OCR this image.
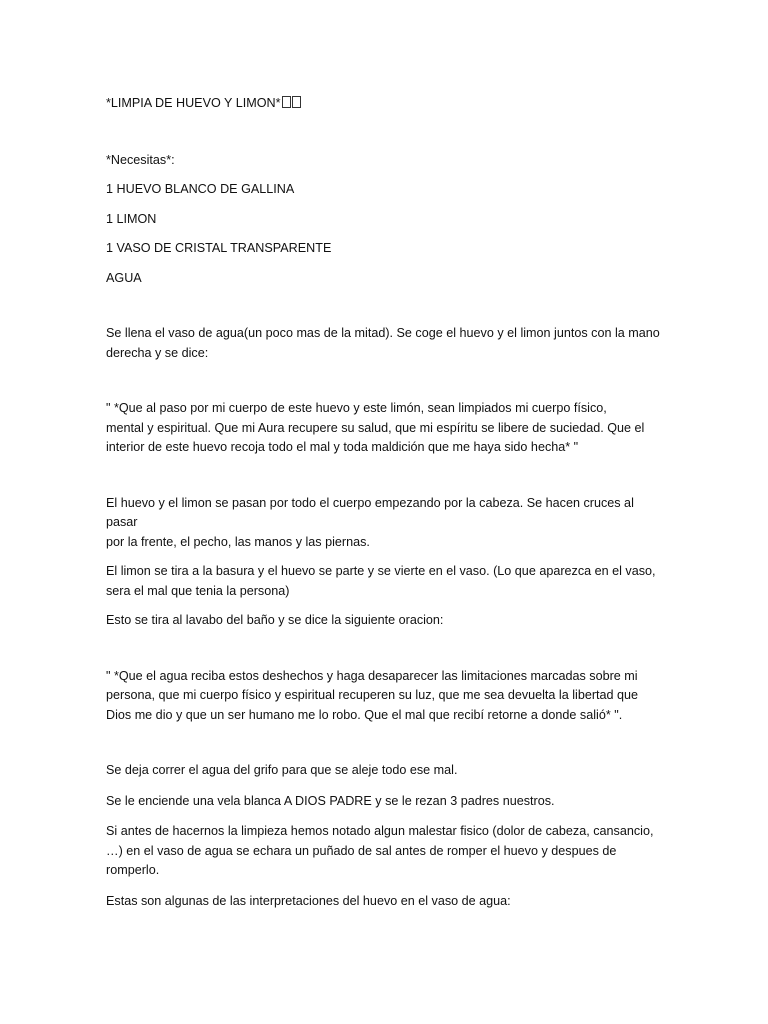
*LIMPIA DE HUEVO Y LIMON*

*Necesitas*:

1 HUEVO BLANCO DE GALLINA

1 LIMON

1 VASO DE CRISTAL TRANSPARENTE

AGUA

Se llena el vaso de agua(un poco mas de la mitad). Se coge el huevo y el limon juntos con la mano
derecha y se dice:

" *Que al paso por mi cuerpo de este huevo y este limón, sean limpiados mi cuerpo físico,
mental y espiritual. Que mi Aura recupere su salud, que mi espíritu se libere de suciedad. Que el
interior de este huevo recoja todo el mal y toda maldición que me haya sido hecha* "

El huevo y el limon se pasan por todo el cuerpo empezando por la cabeza. Se hacen cruces al pasar
por la frente, el pecho, las manos y las piernas.

El limon se tira a la basura y el huevo se parte y se vierte en el vaso. (Lo que aparezca en el vaso,
sera el mal que tenia la persona)

Esto se tira al lavabo del baño y se dice la siguiente oracion:

" *Que el agua reciba estos deshechos y haga desaparecer las limitaciones marcadas sobre mi
persona, que mi cuerpo físico y espiritual recuperen su luz, que me sea devuelta la libertad que
Dios me dio y que un ser humano me lo robo. Que el mal que recibí retorne a donde salió* ".

Se deja correr el agua del grifo para que se aleje todo ese mal.

Se le enciende una vela blanca A DIOS PADRE y se le rezan 3 padres nuestros.

Si antes de hacernos la limpieza hemos notado algun malestar fisico (dolor de cabeza, cansancio,
…) en el vaso de agua se echara un puñado de sal antes de romper el huevo y despues de
romperlo.

Estas son algunas de las interpretaciones del huevo en el vaso de agua:
